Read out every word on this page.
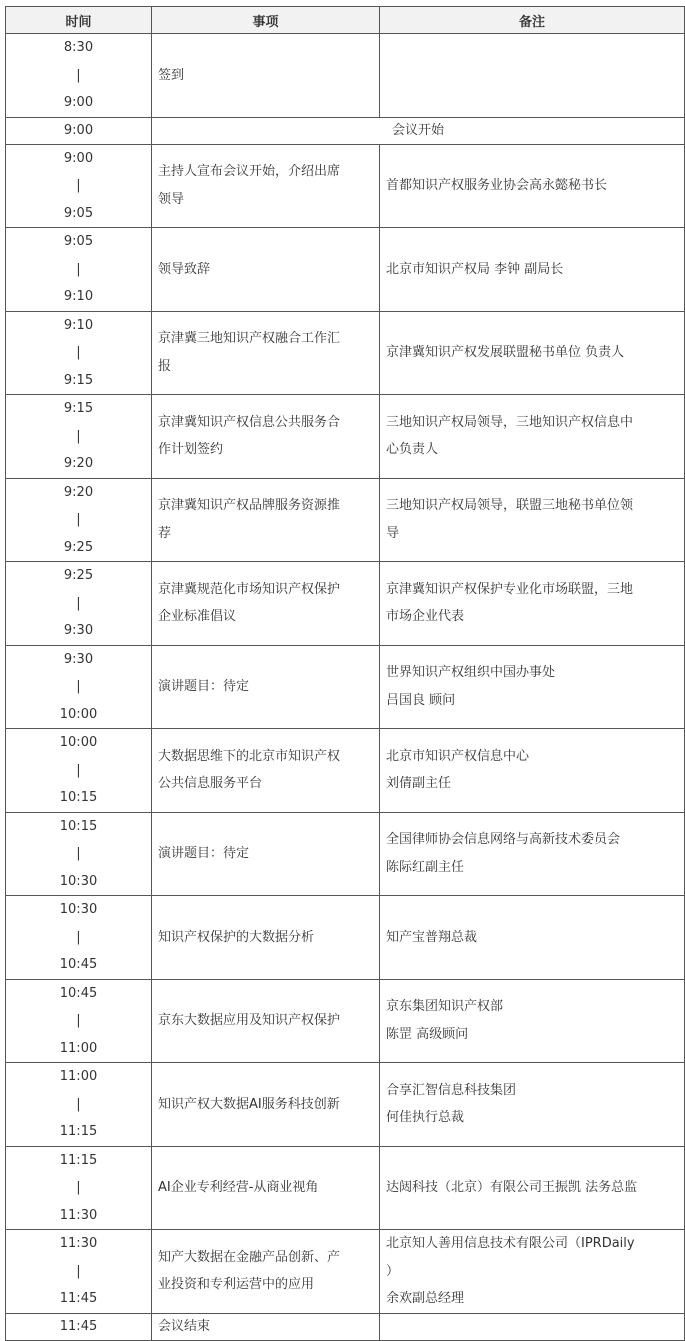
时间	事项	备注

8:30
|
9:00	签到	

9:00	会议开始	

9:00
|
9:05	主持人宣布会议开始，介绍出席
领导	首都知识产权服务业协会高永懿秘书长

9:05
|
9:10	领导致辞	北京市知识产权局 李钟 副局长

9:10
|
9:15	京津冀三地知识产权融合工作汇
报	京津冀知识产权发展联盟秘书单位 负责人

9:15
|
9:20	京津冀知识产权信息公共服务合
作计划签约	三地知识产权局领导，三地知识产权信息中
心负责人

9:20
|
9:25	京津冀知识产权品牌服务资源推
荐	三地知识产权局领导，联盟三地秘书单位领
导

9:25
|
9:30	京津冀规范化市场知识产权保护
企业标准倡议	京津冀知识产权保护专业化市场联盟，三地
市场企业代表

9:30
|
10:00	演讲题目：待定	世界知识产权组织中国办事处
吕国良 顾问

10:00
|
10:15	大数据思维下的北京市知识产权
公共信息服务平台	北京市知识产权信息中心
刘倩副主任

10:15
|
10:30	演讲题目：待定	全国律师协会信息网络与高新技术委员会
陈际红副主任

10:30
|
10:45	知识产权保护的大数据分析	知产宝普翔总裁

10:45
|
11:00	京东大数据应用及知识产权保护	京东集团知识产权部
陈罡 高级顾问

11:00
|
11:15	知识产权大数据AI服务科技创新	合享汇智信息科技集团
何佳执行总裁

11:15
|
11:30	AI企业专利经营-从商业视角	达闼科技（北京）有限公司王振凯 法务总监

11:30
|
11:45	知产大数据在金融产品创新、产
业投资和专利运营中的应用	北京知人善用信息技术有限公司（IPRDaily
）
余欢副总经理

11:45	会议结束	
